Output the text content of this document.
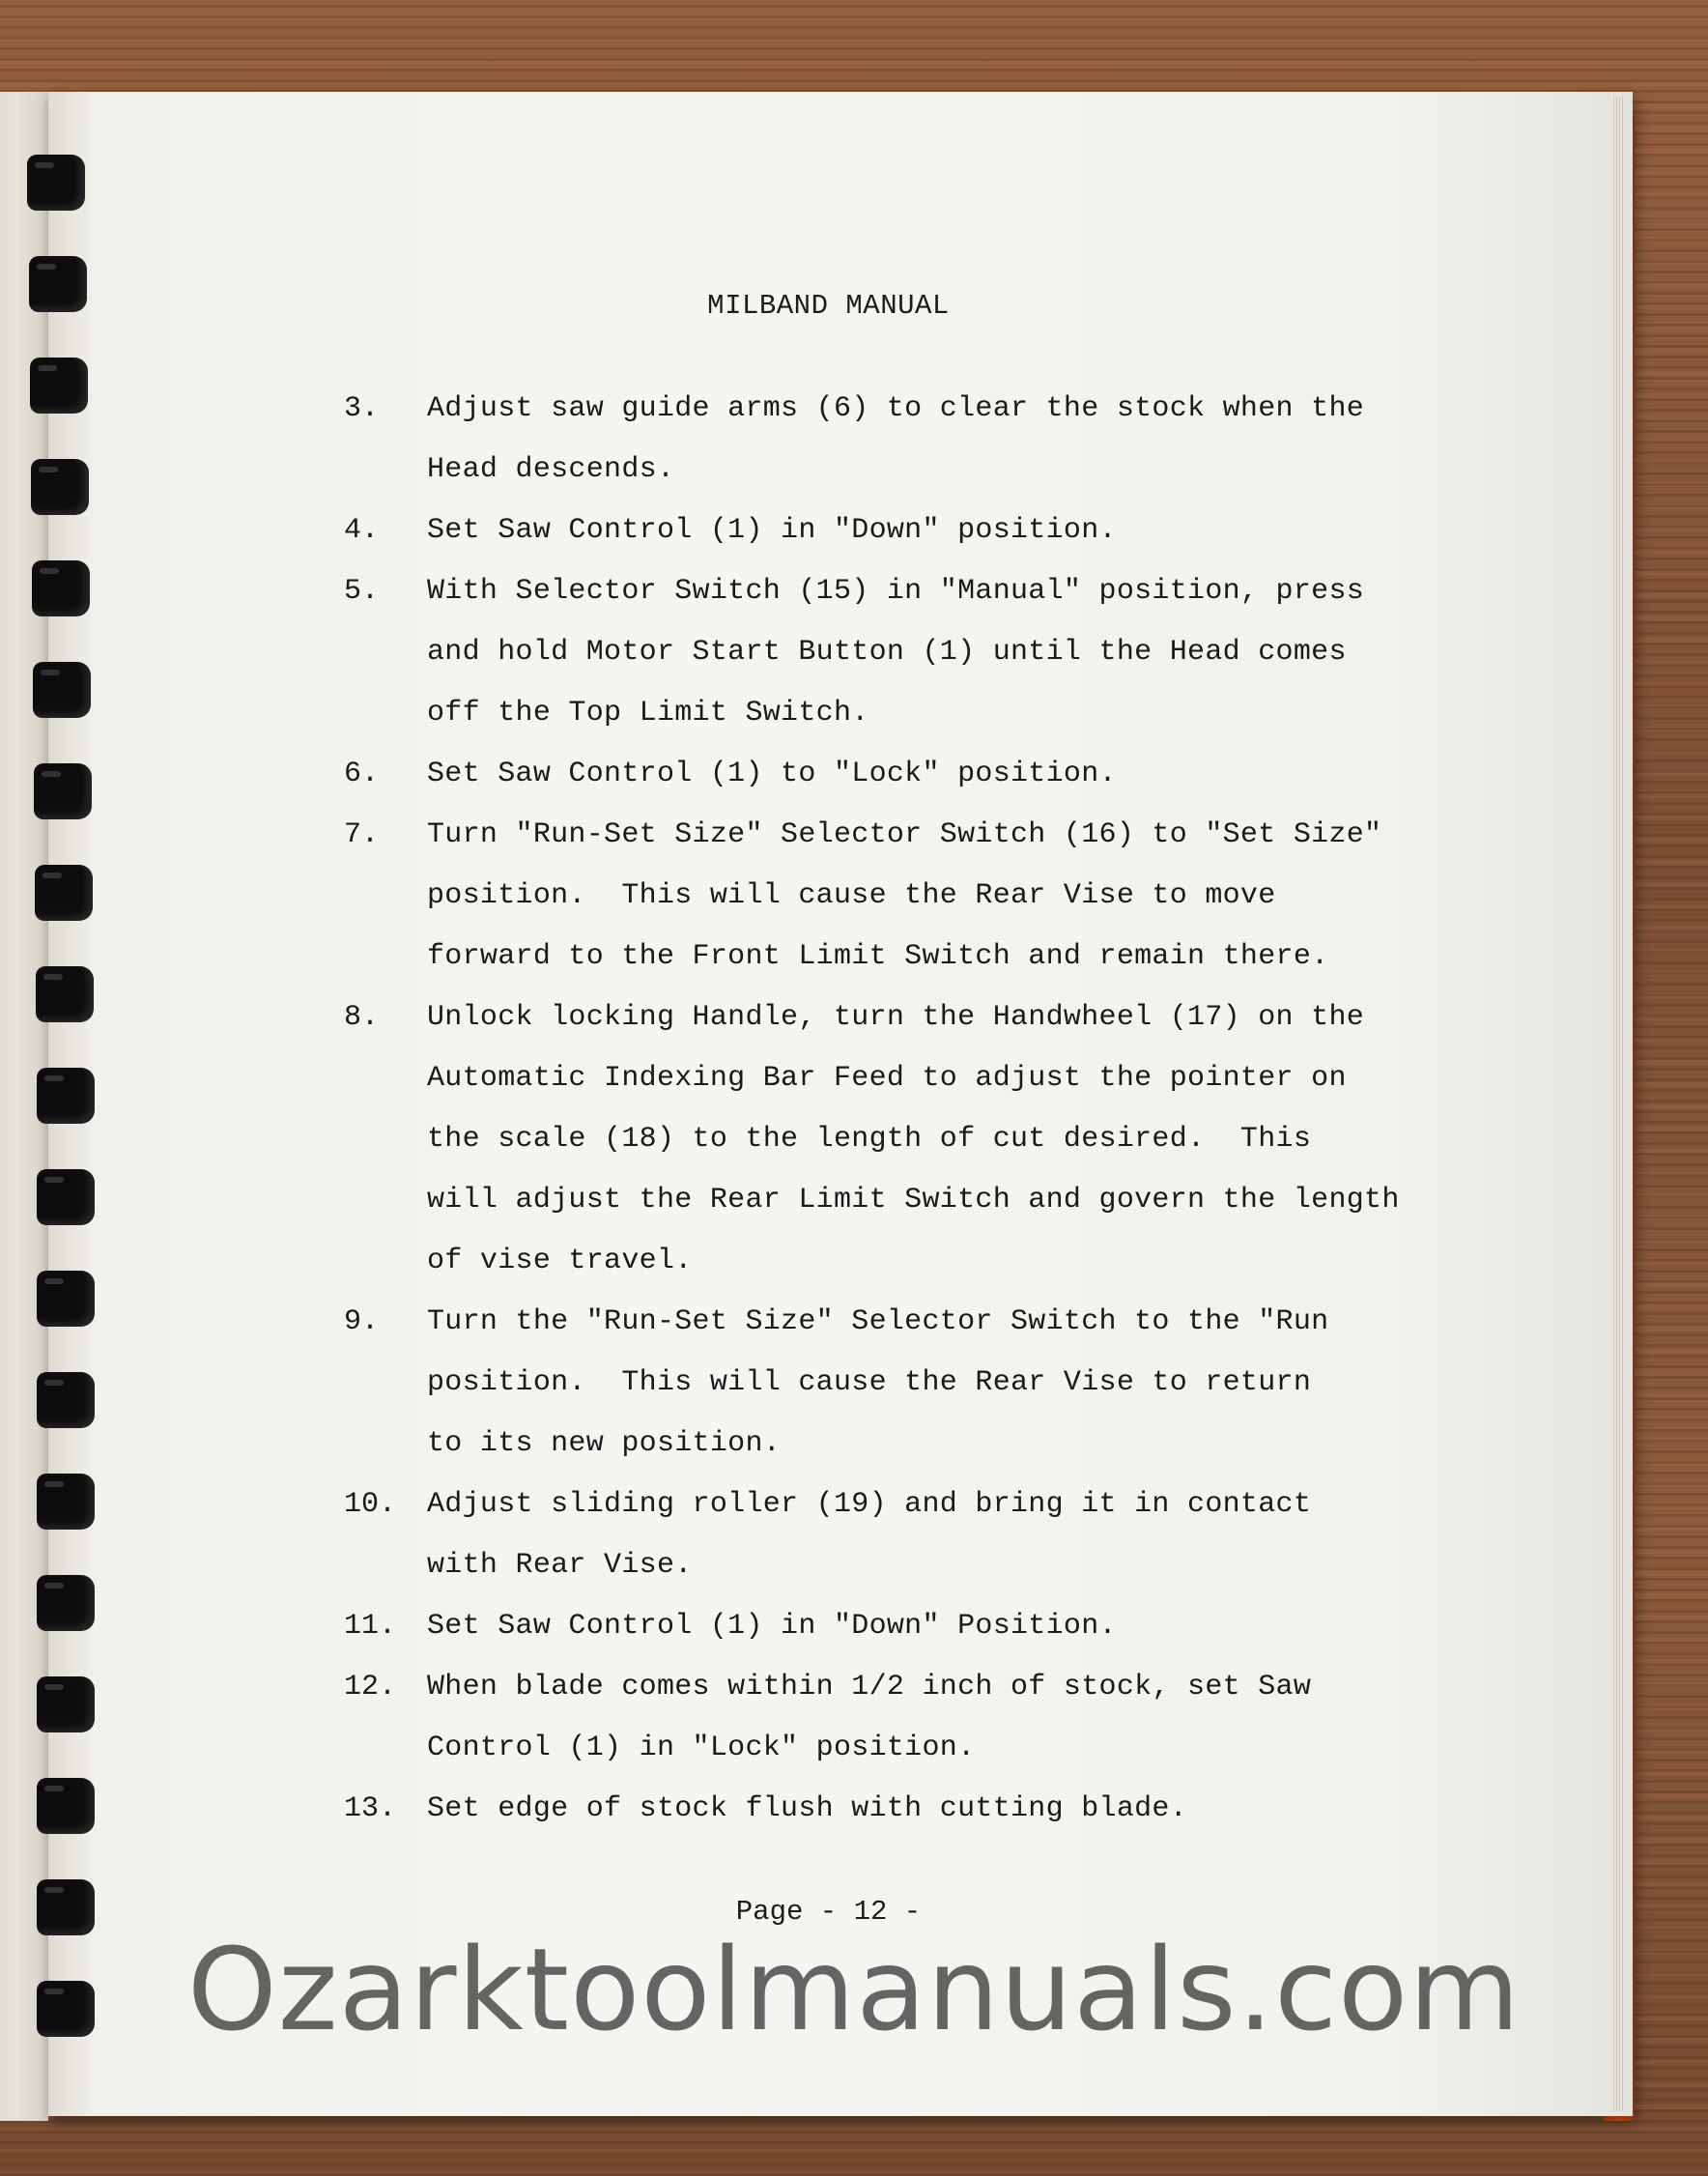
MILBAND MANUAL
3.	Adjust saw guide arms (6) to clear the stock when the
Head descends.
4.	Set Saw Control (1) in "Down" position.
5.	With Selector Switch (15) in "Manual" position, press
and hold Motor Start Button (1) until the Head comes
off the Top Limit Switch.
6.	Set Saw Control (1) to "Lock" position.
7.	Turn "Run-Set Size" Selector Switch (16) to "Set Size"
position.  This will cause the Rear Vise to move
forward to the Front Limit Switch and remain there.
8.	Unlock locking Handle, turn the Handwheel (17) on the
Automatic Indexing Bar Feed to adjust the pointer on
the scale (18) to the length of cut desired.  This
will adjust the Rear Limit Switch and govern the length
of vise travel.
9.	Turn the "Run-Set Size" Selector Switch to the "Run
position.  This will cause the Rear Vise to return
to its new position.
10.	Adjust sliding roller (19) and bring it in contact
with Rear Vise.
11.	Set Saw Control (1) in "Down" Position.
12.	When blade comes within 1/2 inch of stock, set Saw
Control (1) in "Lock" position.
13.	Set edge of stock flush with cutting blade.
Page - 12 -
Ozarktoolmanuals.com
